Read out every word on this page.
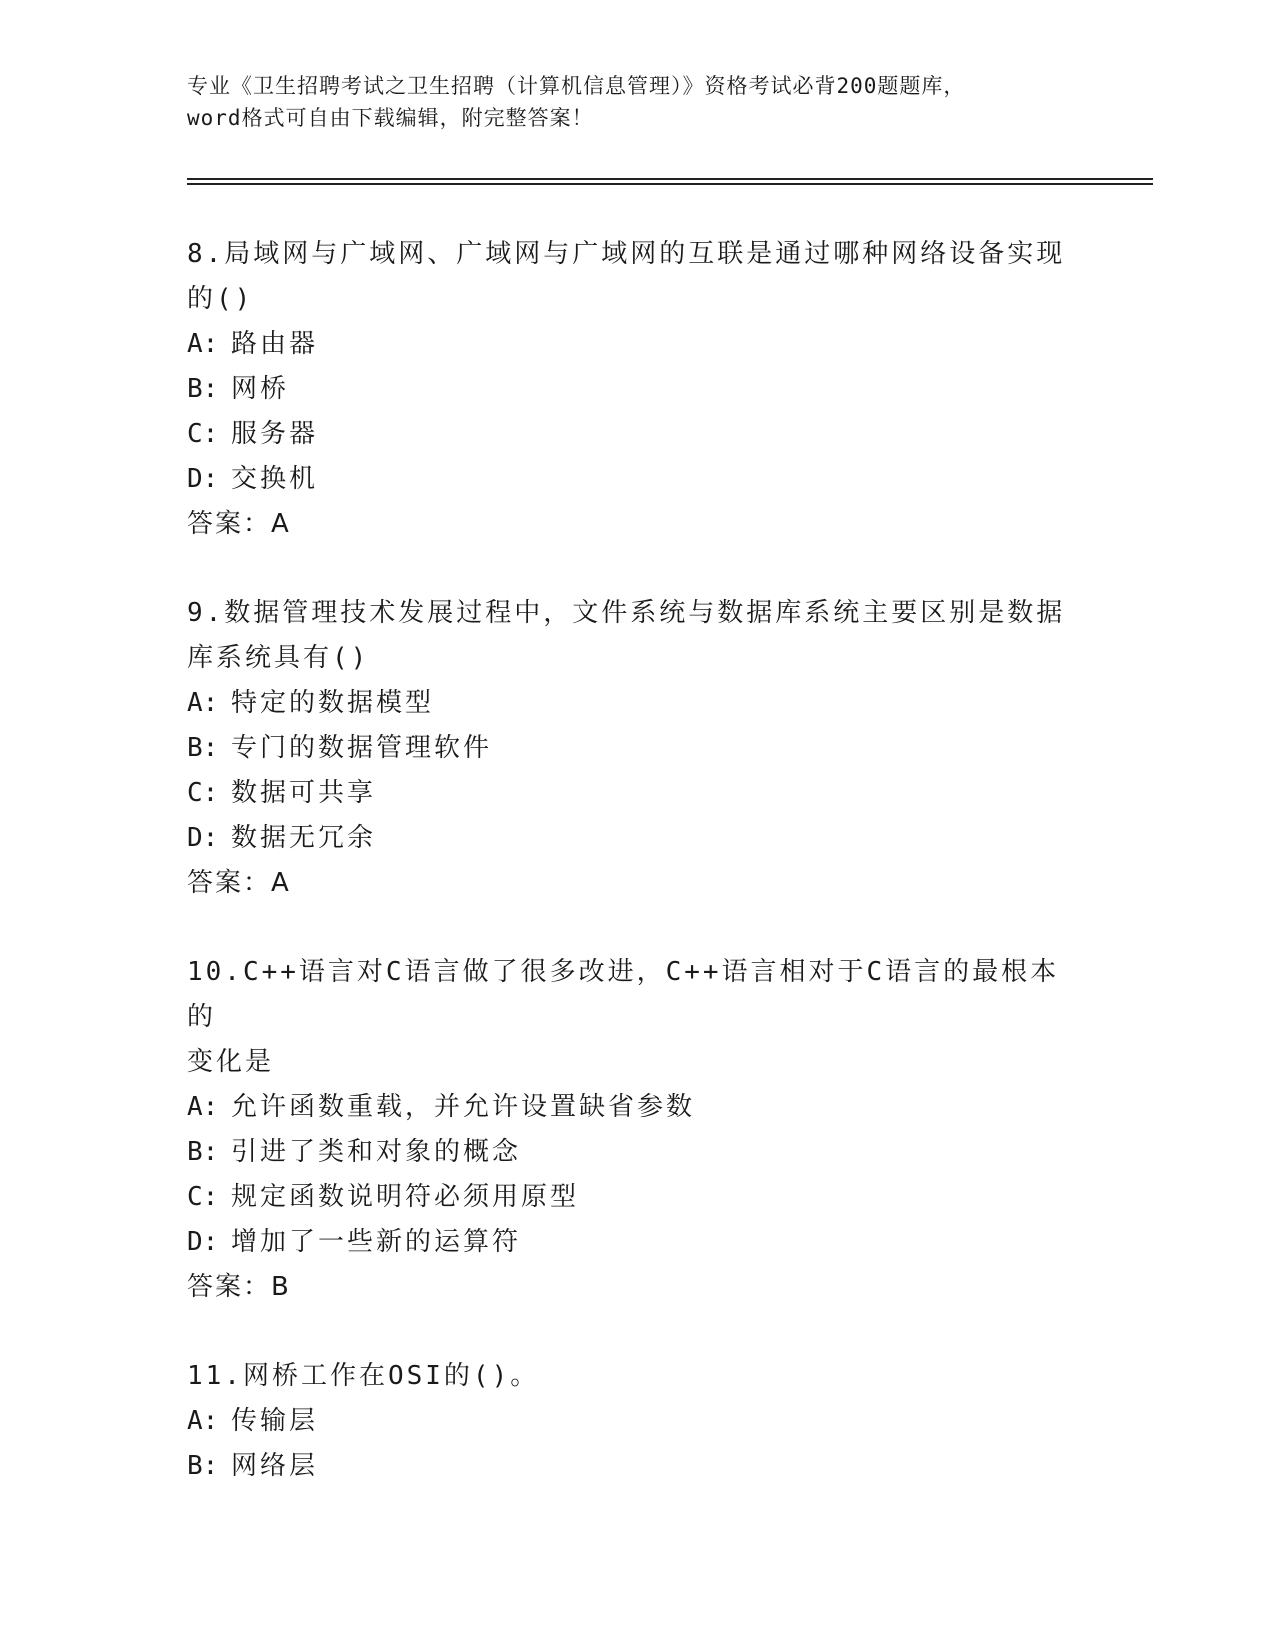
专业《卫生招聘考试之卫生招聘（计算机信息管理）》资格考试必背200题题库，
word格式可自由下载编辑，附完整答案！
8.局域网与广域网、广域网与广域网的互联是通过哪种网络设备实现
的()
A: 路由器
B: 网桥
C: 服务器
D: 交换机
答案：A
9.数据管理技术发展过程中，文件系统与数据库系统主要区别是数据
库系统具有()
A: 特定的数据模型
B: 专门的数据管理软件
C: 数据可共享
D: 数据无冗余
答案：A
10.C++语言对C语言做了很多改进，C++语言相对于C语言的最根本的
变化是
A: 允许函数重载，并允许设置缺省参数
B: 引进了类和对象的概念
C: 规定函数说明符必须用原型
D: 增加了一些新的运算符
答案：B
11.网桥工作在OSI的()。
A: 传输层
B: 网络层
